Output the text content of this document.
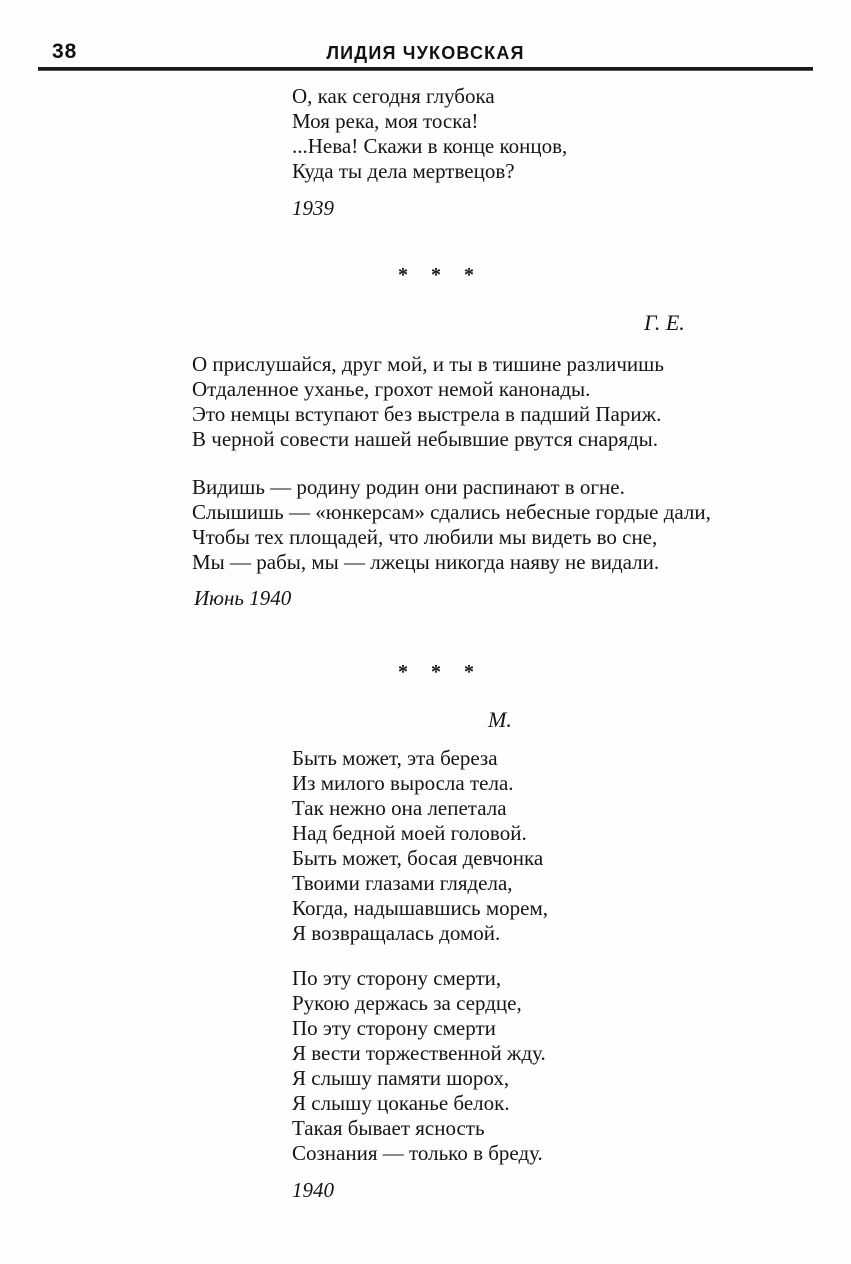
38	ЛИДИЯ ЧУКОВСКАЯ
О, как сегодня глубока
Моя река, моя тоска!
...Нева! Скажи в конце концов,
Куда ты дела мертвецов?
1939
* * *
Г. Е.
О прислушайся, друг мой, и ты в тишине различишь
Отдаленное уханье, грохот немой канонады.
Это немцы вступают без выстрела в падший Париж.
В черной совести нашей небывшие рвутся снаряды.
Видишь — родину родин они распинают в огне.
Слышишь — «юнкерсам» сдались небесные гордые дали,
Чтобы тех площадей, что любили мы видеть во сне,
Мы — рабы, мы — лжецы никогда наяву не видали.
Июнь 1940
* * *
М.
Быть может, эта береза
Из милого выросла тела.
Так нежно она лепетала
Над бедной моей головой.
Быть может, босая девчонка
Твоими глазами глядела,
Когда, надышавшись морем,
Я возвращалась домой.
По эту сторону смерти,
Рукою держась за сердце,
По эту сторону смерти
Я вести торжественной жду.
Я слышу памяти шорох,
Я слышу цоканье белок.
Такая бывает ясность
Сознания — только в бреду.
1940
